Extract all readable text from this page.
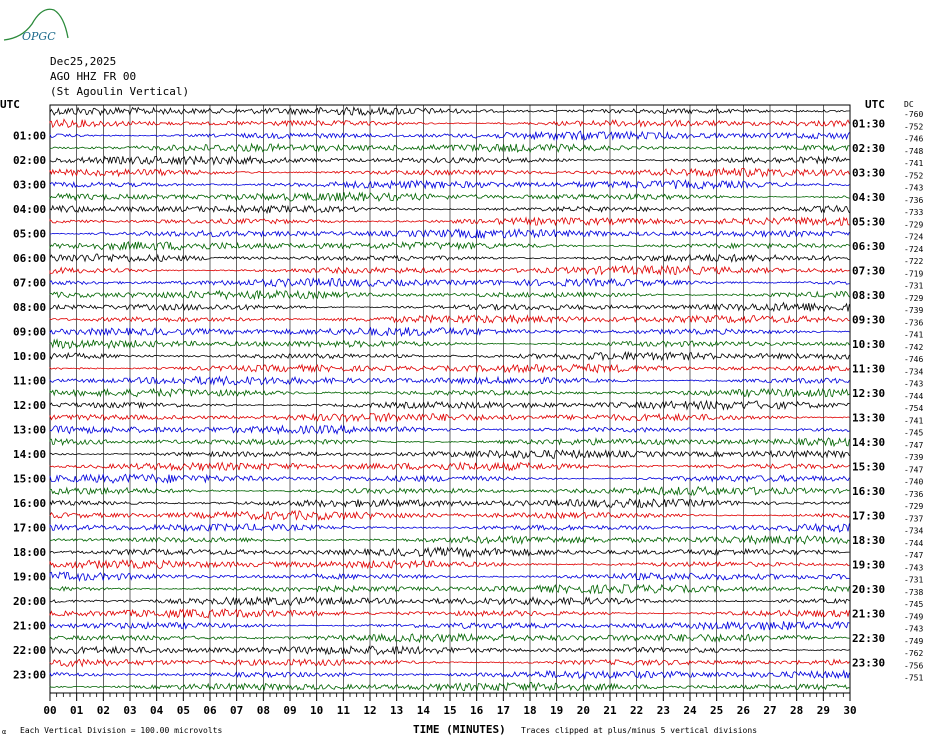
OPGC
Dec25,2025
AGO HHZ FR 00
(St Agoulin Vertical)
UTC	UTC DC
01:00
02:00
03:00
04:00
05:00
06:00
07:00
08:00
09:00
10:00
11:00
12:00
13:00
14:00
15:00
16:00
17:00
18:00
19:00
20:00
21:00
22:00
23:00
01:30
02:30
03:30
04:30
05:30
06:30
07:30
08:30
09:30
10:30
11:30
12:30
13:30
14:30
15:30
16:30
17:30
18:30
19:30
20:30
21:30
22:30
23:30
-760
-752
-746
-748
-741
-752
-743
-736
-733
-729
-724
-724
-722
-719
-731
-729
-739
-736
-741
-742
-746
-734
-743
-744
-754
-741
-745
-747
-739
-747
-740
-736
-729
-737
-734
-744
-747
-743
-731
-738
-745
-749
-743
-749
-762
-756
-751
00 01 02 03 04 05 06 07 08 09 10 11 12 13 14 15 16 17 18 19 20 21 22 23 24 25 26 27 28 29 30
α Each Vertical Division = 100.00 microvolts	TIME (MINUTES) Traces clipped at plus/minus 5 vertical divisions
